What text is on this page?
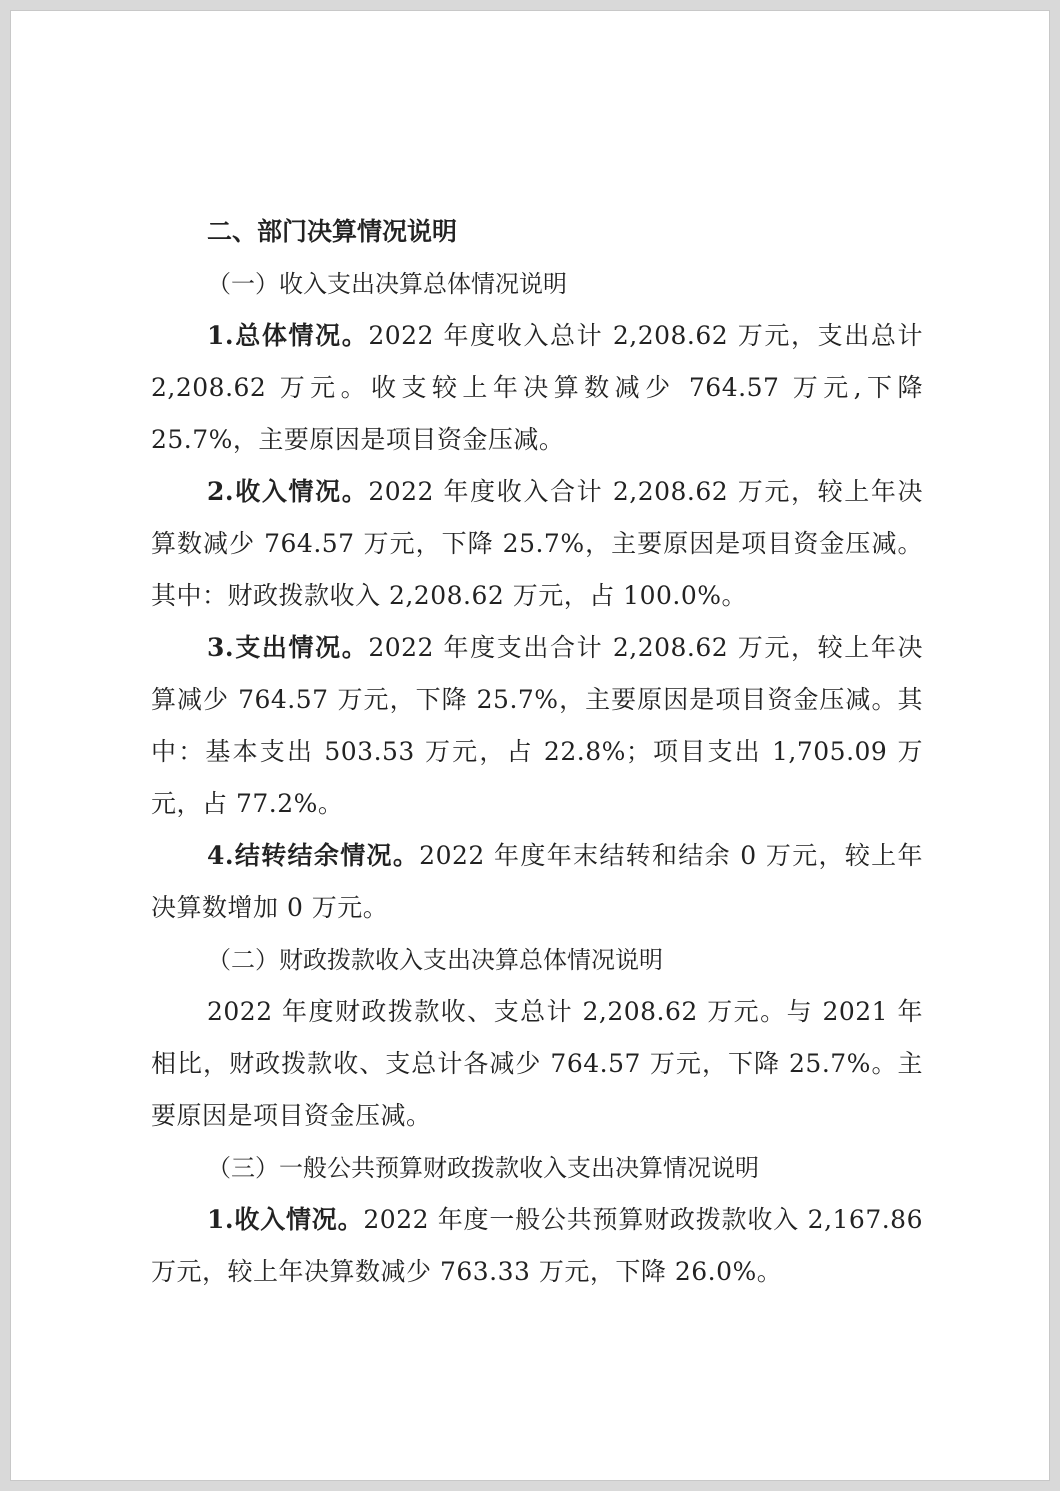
二、部门决算情况说明

（一）收入支出决算总体情况说明

1.总体情况。2022 年度收入总计 2,208.62 万元，支出总计 2,208.62 万元。收支较上年决算数减少 764.57 万元,下降 25.7%，主要原因是项目资金压减。

2.收入情况。2022 年度收入合计 2,208.62 万元，较上年决算数减少 764.57 万元，下降 25.7%，主要原因是项目资金压减。其中：财政拨款收入 2,208.62 万元，占 100.0%。

3.支出情况。2022 年度支出合计 2,208.62 万元，较上年决算减少 764.57 万元，下降 25.7%，主要原因是项目资金压减。其中：基本支出 503.53 万元，占 22.8%；项目支出 1,705.09 万元，占 77.2%。

4.结转结余情况。2022 年度年末结转和结余 0 万元，较上年决算数增加 0 万元。

（二）财政拨款收入支出决算总体情况说明

2022 年度财政拨款收、支总计 2,208.62 万元。与 2021 年相比，财政拨款收、支总计各减少 764.57 万元，下降 25.7%。主要原因是项目资金压减。

（三）一般公共预算财政拨款收入支出决算情况说明

1.收入情况。2022 年度一般公共预算财政拨款收入 2,167.86 万元，较上年决算数减少 763.33 万元，下降 26.0%。
